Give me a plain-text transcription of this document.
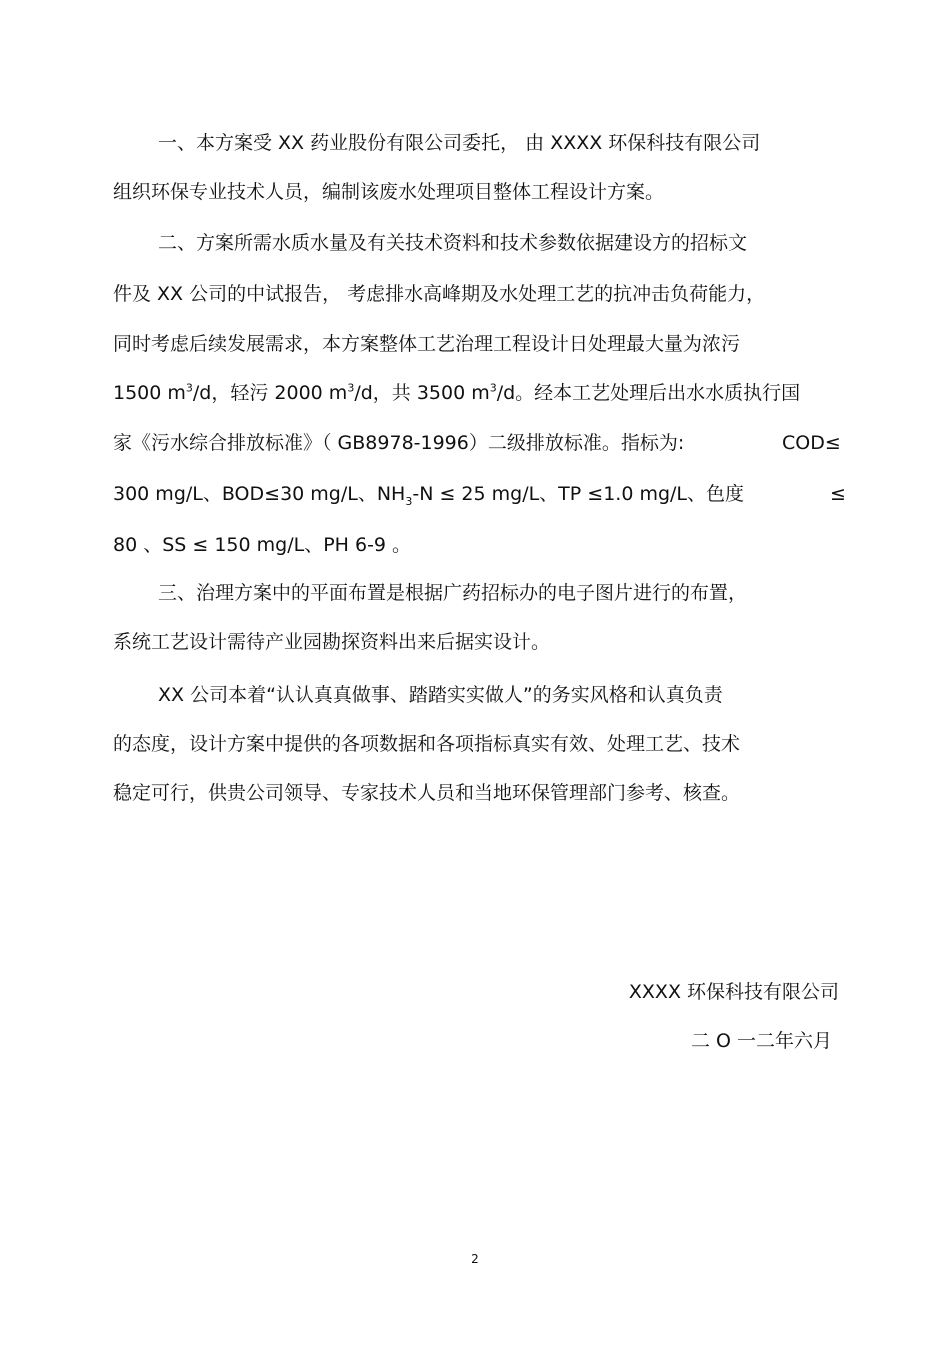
一、本方案受 XX 药业股份有限公司委托， 由 XXXX 环保科技有限公司
组织环保专业技术人员，编制该废水处理项目整体工程设计方案。
二、方案所需水质水量及有关技术资料和技术参数依据建设方的招标文
件及 XX 公司的中试报告， 考虑排水高峰期及水处理工艺的抗冲击负荷能力，
同时考虑后续发展需求，本方案整体工艺治理工程设计日处理最大量为浓污
1500 $m^3/d$，轻污 2000 $m^3/d$，共 3500 $m^3/d$。经本工艺处理后出水水质执行国
家《污水综合排放标准》（ GB8978-1996）二级排放标准。指标为:	COD≤
300 mg/L、BOD≤30 mg/L、$NH_3-N \le 25$ mg/L、TP ≤1.0 mg/L、色度	≤
80 、SS ≤ 150 mg/L、PH 6-9 。
三、治理方案中的平面布置是根据广药招标办的电子图片进行的布置，
系统工艺设计需待产业园勘探资料出来后据实设计。
XX 公司本着“认认真真做事、踏踏实实做人”的务实风格和认真负责
的态度，设计方案中提供的各项数据和各项指标真实有效、处理工艺、技术
稳定可行，供贵公司领导、专家技术人员和当地环保管理部门参考、核查。
XXXX 环保科技有限公司
二 O 一二年六月
2
